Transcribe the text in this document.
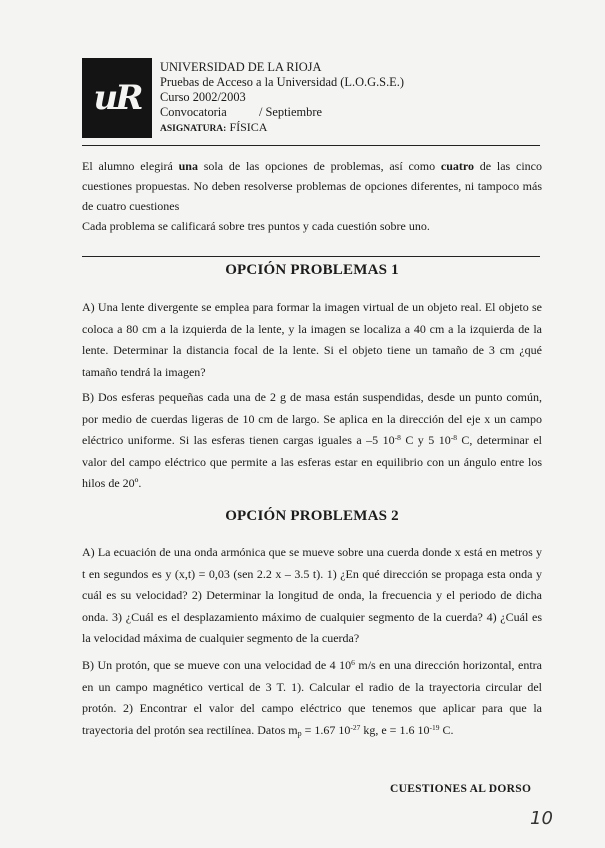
uR
UNIVERSIDAD DE LA RIOJA
Pruebas de Acceso a la Universidad (L.O.G.S.E.)
Curso 2002/2003
Convocatoria	/ Septiembre
ASIGNATURA: FÍSICA

El alumno elegirá una sola de las opciones de problemas, así como cuatro de las cinco cuestiones propuestas. No deben resolverse problemas de opciones diferentes, ni tampoco más de cuatro cuestiones

Cada problema se calificará sobre tres puntos y cada cuestión sobre uno.

OPCIÓN PROBLEMAS 1

A) Una lente divergente se emplea para formar la imagen virtual de un objeto real. El objeto se coloca a 80 cm a la izquierda de la lente, y la imagen se localiza a 40 cm a la izquierda de la lente. Determinar la distancia focal de la lente. Si el objeto tiene un tamaño de 3 cm ¿qué tamaño tendrá la imagen?

B) Dos esferas pequeñas cada una de 2 g de masa están suspendidas, desde un punto común, por medio de cuerdas ligeras de 10 cm de largo. Se aplica en la dirección del eje x un campo eléctrico uniforme. Si las esferas tienen cargas iguales a –5 $10^{-8}$ C y 5 $10^{-8}$ C, determinar el valor del campo eléctrico que permite a las esferas estar en equilibrio con un ángulo entre los hilos de 20º.

OPCIÓN PROBLEMAS 2

A) La ecuación de una onda armónica que se mueve sobre una cuerda donde x está en metros y t en segundos es y (x,t) = 0,03 (sen 2.2 x – 3.5 t). 1) ¿En qué dirección se propaga esta onda y cuál es su velocidad? 2) Determinar la longitud de onda, la frecuencia y el periodo de dicha onda. 3) ¿Cuál es el desplazamiento máximo de cualquier segmento de la cuerda? 4) ¿Cuál es la velocidad máxima de cualquier segmento de la cuerda?

B) Un protón, que se mueve con una velocidad de 4 $10^6$ m/s en una dirección horizontal, entra en un campo magnético vertical de 3 T. 1). Calcular el radio de la trayectoria circular del protón. 2) Encontrar el valor del campo eléctrico que tenemos que aplicar para que la trayectoria del protón sea rectilínea. Datos $m_p = 1.67$ $10^{-27}$ kg, e = 1.6 $10^{-19}$ C.

CUESTIONES AL DORSO
10
